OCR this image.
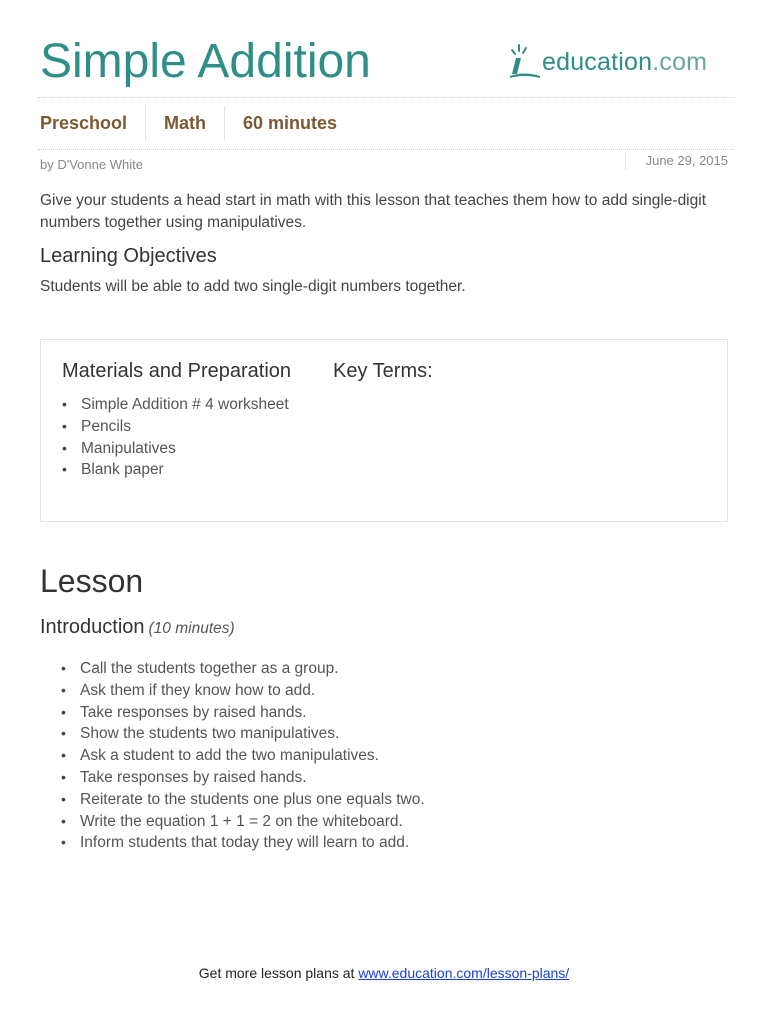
Simple Addition	education.com
Preschool	Math	60 minutes
by D'Vonne White	June 29, 2015

Give your students a head start in math with this lesson that teaches them how to add single-digit numbers together using manipulatives.

Learning Objectives

Students will be able to add two single-digit numbers together.

Materials and Preparation Key Terms:
• Simple Addition # 4 worksheet
• Pencils
• Manipulatives
• Blank paper
Lesson
Introduction (10 minutes)
• Call the students together as a group.
• Ask them if they know how to add.
• Take responses by raised hands.
• Show the students two manipulatives.
• Ask a student to add the two manipulatives.
• Take responses by raised hands.
• Reiterate to the students one plus one equals two.
• Write the equation 1 + 1 = 2 on the whiteboard.
• Inform students that today they will learn to add.
Get more lesson plans at www.education.com/lesson-plans/
